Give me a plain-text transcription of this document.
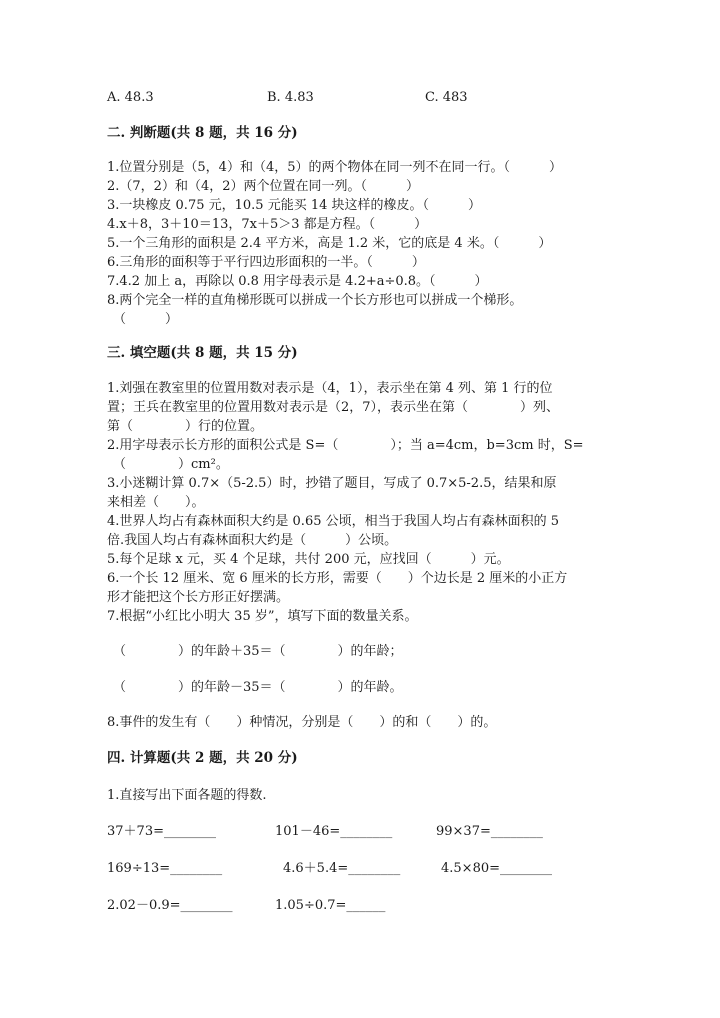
A. 48.3	B. 4.83	C. 483
二. 判断题(共 8 题，共 16 分)
1.位置分别是（5，4）和（4，5）的两个物体在同一列不在同一行。（　　　）
2.（7，2）和（4，2）两个位置在同一列。（　　　）
3.一块橡皮 0.75 元，10.5 元能买 14 块这样的橡皮。（　　　）
4.x＋8，3＋10＝13，7x＋5＞3 都是方程。（　　　）
5.一个三角形的面积是 2.4 平方米，高是 1.2 米，它的底是 4 米。（　　　）
6.三角形的面积等于平行四边形面积的一半。（　　　）
7.4.2 加上 a，再除以 0.8 用字母表示是 4.2+a÷0.8。（　　　）
8.两个完全一样的直角梯形既可以拼成一个长方形也可以拼成一个梯形。
（　　　）
三. 填空题(共 8 题，共 15 分)
1.刘强在教室里的位置用数对表示是（4，1），表示坐在第 4 列、第 1 行的位
置；王兵在教室里的位置用数对表示是（2，7），表示坐在第（　　　　）列、
第（　　　　）行的位置。
2.用字母表示长方形的面积公式是 S=（　　　　）；当 a=4cm，b=3cm 时，S=
（　　　　）cm²。
3.小迷糊计算 0.7×（5-2.5）时，抄错了题目，写成了 0.7×5-2.5，结果和原
来相差（　　）。
4.世界人均占有森林面积大约是 0.65 公顷，相当于我国人均占有森林面积的 5
倍.我国人均占有森林面积大约是（　　　）公顷。
5.每个足球 x 元，买 4 个足球，共付 200 元，应找回（　　　）元。
6.一个长 12 厘米、宽 6 厘米的长方形，需要（　　）个边长是 2 厘米的小正方
形才能把这个长方形正好摆满。
7.根据“小红比小明大 35 岁”，填写下面的数量关系。
（　　　　）的年龄＋35＝（　　　　）的年龄；
（　　　　）的年龄－35＝（　　　　）的年龄。
8.事件的发生有（　　）种情况，分别是（　　）的和（　　）的。
四. 计算题(共 2 题，共 20 分)
1.直接写出下面各题的得数.
37＋73=________	101－46=________	99×37=________
169÷13=________	4.6＋5.4=________	4.5×80=________
2.02－0.9=________	1.05÷0.7=______
